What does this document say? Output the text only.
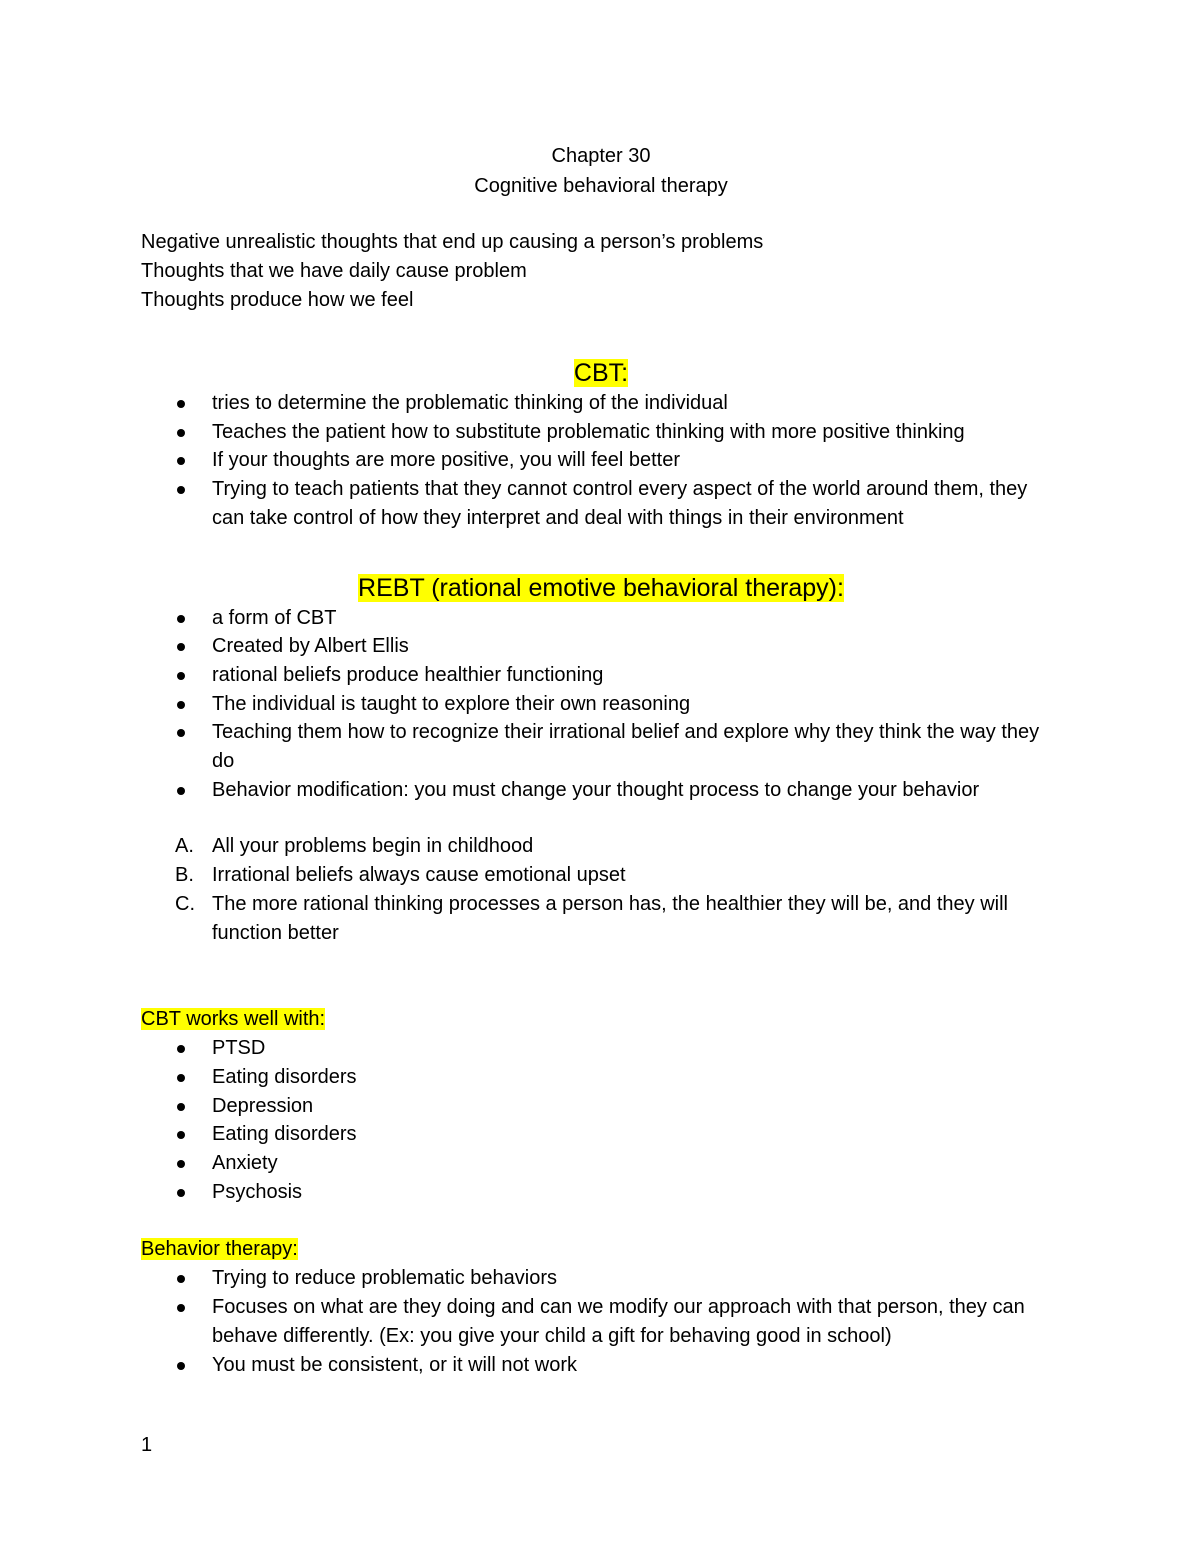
Chapter 30
Cognitive behavioral therapy
Negative unrealistic thoughts that end up causing a person’s problems
Thoughts that we have daily cause problem
Thoughts produce how we feel
CBT:
tries to determine the problematic thinking of the individual
Teaches the patient how to substitute problematic thinking with more positive thinking
If your thoughts are more positive, you will feel better
Trying to teach patients that they cannot control every aspect of the world around them, they can take control of how they interpret and deal with things in their environment
REBT (rational emotive behavioral therapy):
a form of CBT
Created by Albert Ellis
rational beliefs produce healthier functioning
The individual is taught to explore their own reasoning
Teaching them how to recognize their irrational belief and explore why they think the way they do
Behavior modification: you must change your thought process to change your behavior
A. All your problems begin in childhood
B. Irrational beliefs always cause emotional upset
C. The more rational thinking processes a person has, the healthier they will be, and they will function better
CBT works well with:
PTSD
Eating disorders
Depression
Eating disorders
Anxiety
Psychosis
Behavior therapy:
Trying to reduce problematic behaviors
Focuses on what are they doing and can we modify our approach with that person, they can behave differently. (Ex: you give your child a gift for behaving good in school)
You must be consistent, or it will not work
1
